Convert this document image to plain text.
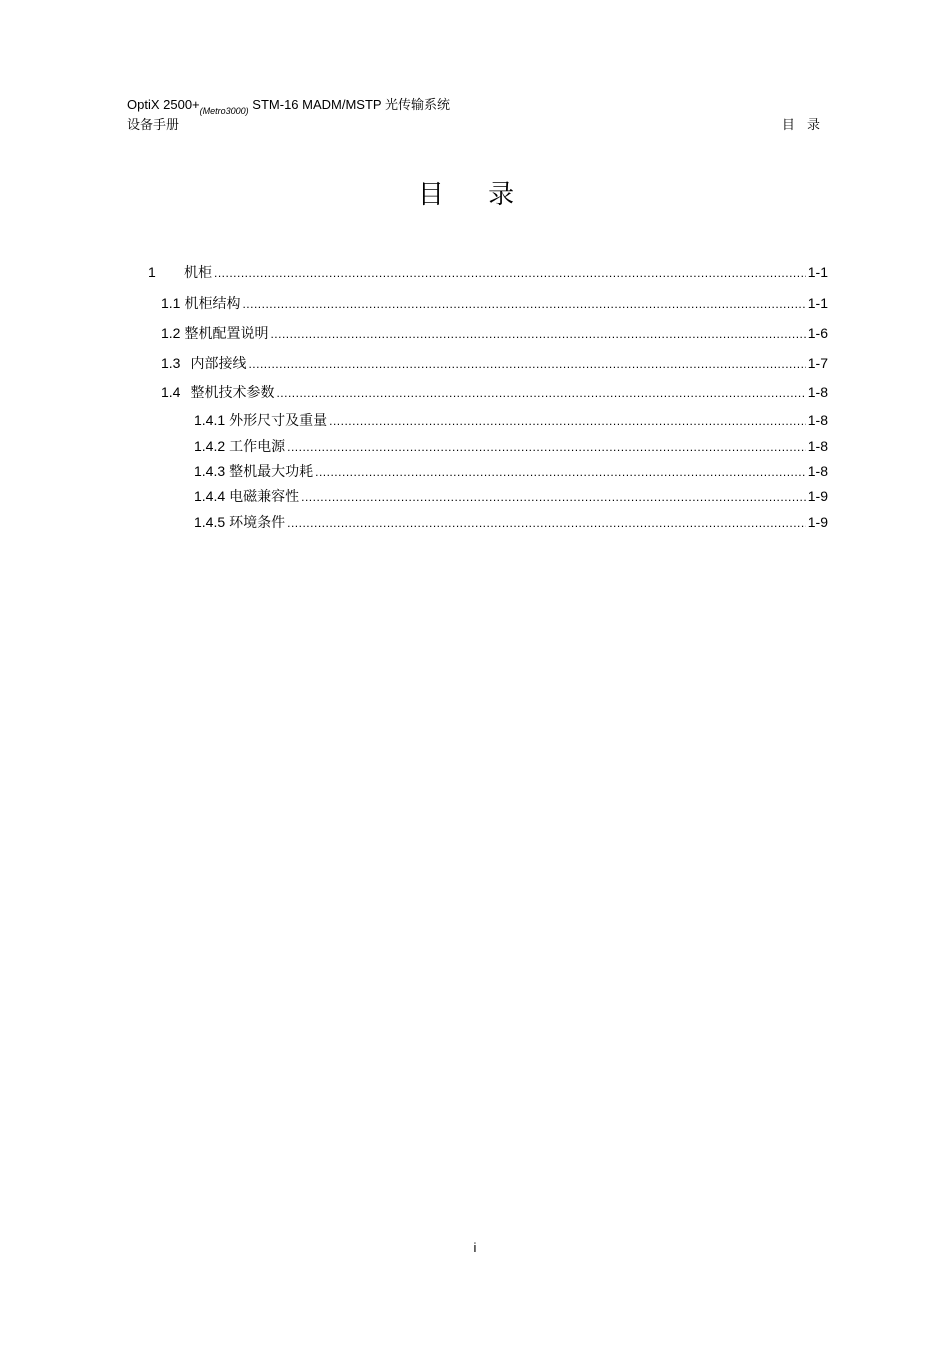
OptiX $2500+_{(Metro3000)}$ STM-16 MADM/MSTP 光传输系统
设备手册	目 录
目 录
1	机柜 .....	1-1
1.1 机柜结构 .....	1-1
1.2 整机配置说明 .....	1-6
1.3 内部接线 .....	1-7
1.4 整机技术参数 .....	1-8
1.4.1 外形尺寸及重量 .....	1-8
1.4.2 工作电源 .....	1-8
1.4.3 整机最大功耗 .....	1-8
1.4.4 电磁兼容性 .....	1-9
1.4.5 环境条件 .....	1-9
i
